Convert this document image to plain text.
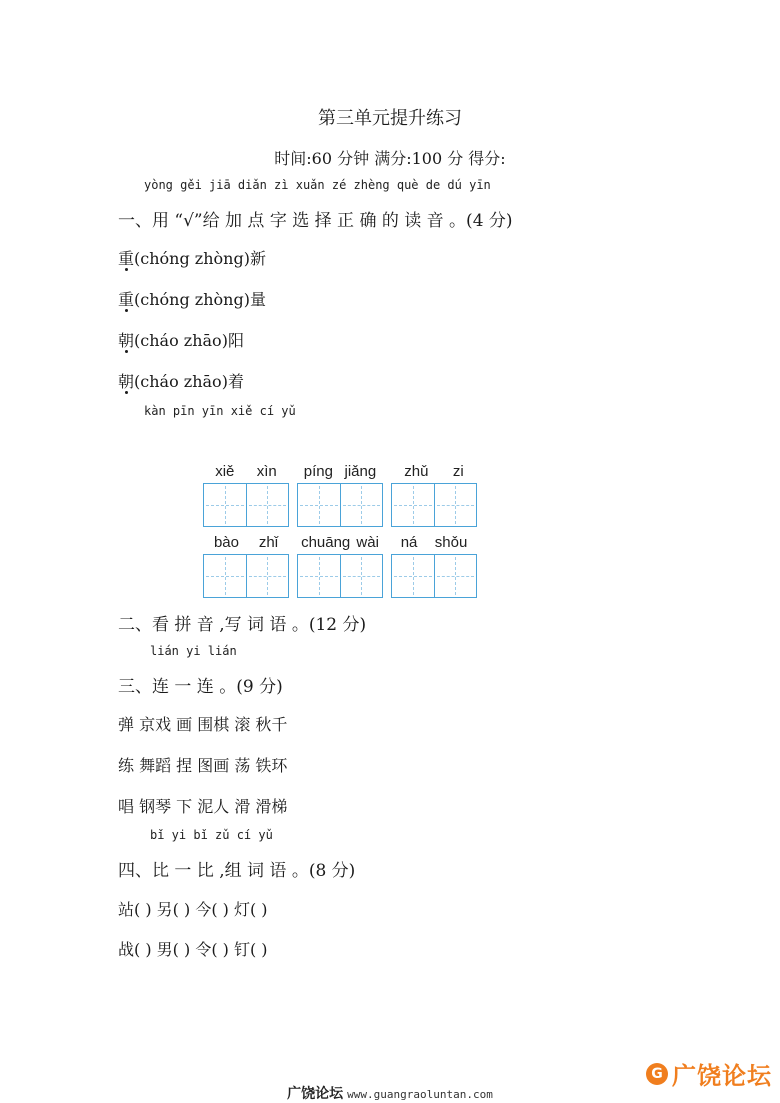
第三单元提升练习
时间:60 分钟 满分:100 分 得分:
yòng gěi jiā diǎn zì xuǎn zé zhèng què de dú yīn
一、用 “√”给 加 点 字 选 择 正 确 的 读 音 。(4 分)
重(chóng zhòng)新
重(chóng zhòng)量
朝(cháo zhāo)阳
朝(cháo zhāo)着
kàn pīn yīn xiě cí yǔ
xiě xìn píng jiǎng zhǔ zi
bào zhǐ chuāng wài ná shǒu
二、看 拼 音 ,写 词 语 。(12 分)
lián yi lián
三、连 一 连 。(9 分)
弹 京戏 画 围棋 滚 秋千
练 舞蹈 捏 图画 荡 铁环
唱 钢琴 下 泥人 滑 滑梯
bǐ yi bǐ zǔ cí yǔ
四、比 一 比 ,组 词 语 。(8 分)
站( ) 另( ) 今( ) 灯( )
战( ) 男( ) 令( ) 钉( )
广饶论坛 www.guangraoluntan.com
G 广饶论坛
